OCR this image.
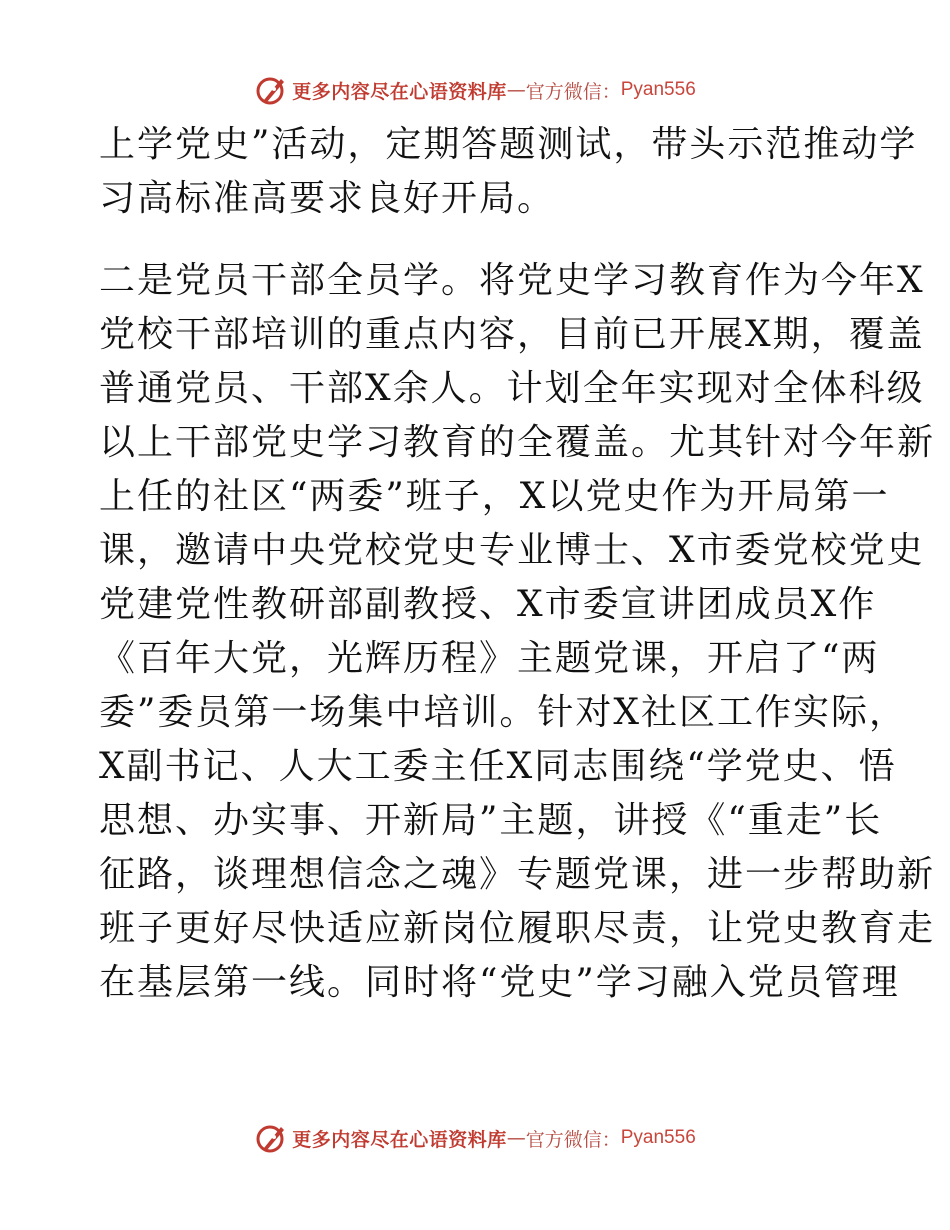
更多内容尽在心语资料库 — 官方微信： Pyan556
上学党史”活动，定期答题测试，带头示范推动学
习高标准高要求良好开局。
二是党员干部全员学。将党史学习教育作为今年X
党校干部培训的重点内容，目前已开展X期，覆盖
普通党员、干部X余人。计划全年实现对全体科级
以上干部党史学习教育的全覆盖。尤其针对今年新
上任的社区“两委”班子，X以党史作为开局第一
课，邀请中央党校党史专业博士、X市委党校党史
党建党性教研部副教授、X市委宣讲团成员X作
《百年大党，光辉历程》主题党课，开启了“两
委”委员第一场集中培训。针对X社区工作实际，
X副书记、人大工委主任X同志围绕“学党史、悟
思想、办实事、开新局”主题，讲授《“重走”长
征路，谈理想信念之魂》专题党课，进一步帮助新
班子更好尽快适应新岗位履职尽责，让党史教育走
在基层第一线。同时将“党史”学习融入党员管理
更多内容尽在心语资料库 — 官方微信： Pyan556
